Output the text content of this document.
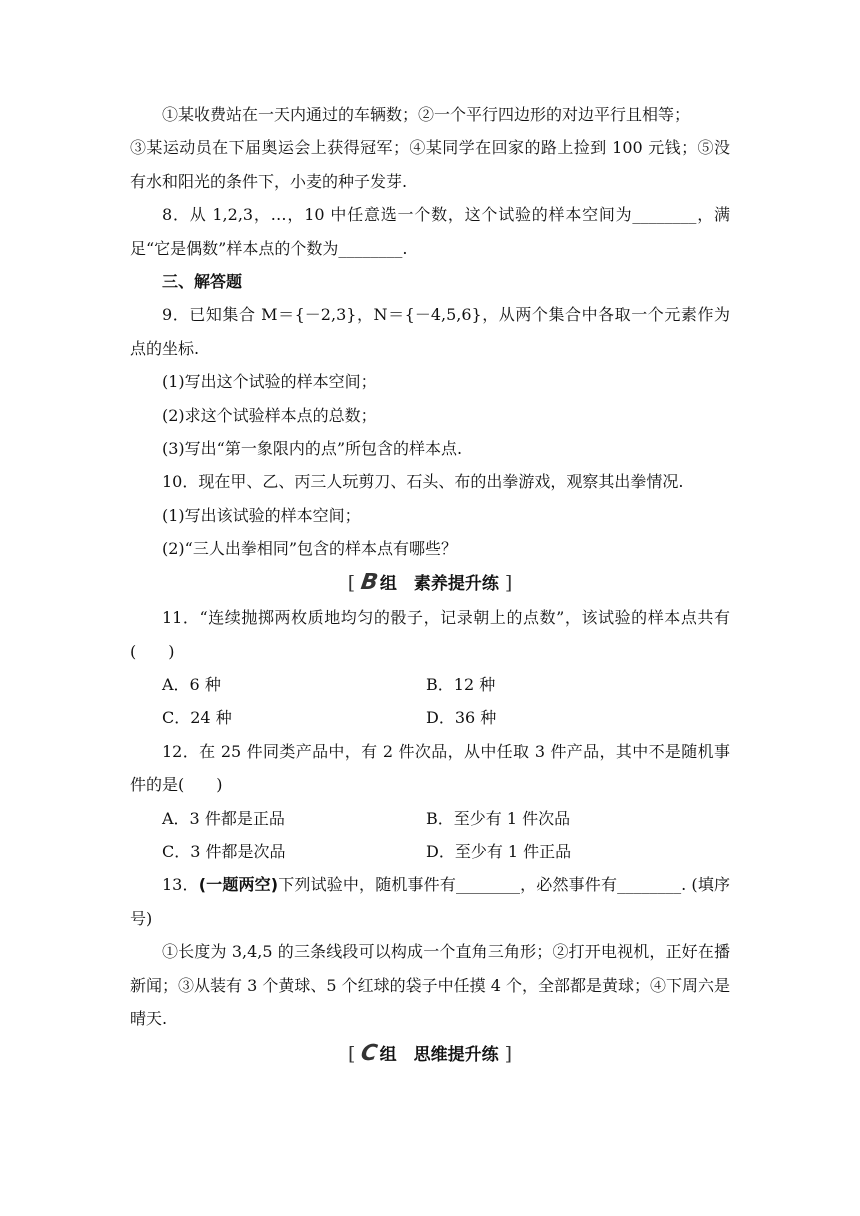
①某收费站在一天内通过的车辆数；②一个平行四边形的对边平行且相等；

③某运动员在下届奥运会上获得冠军；④某同学在回家的路上捡到 100 元钱；⑤没有水和阳光的条件下，小麦的种子发芽.

8．从 1,2,3，…，10 中任意选一个数，这个试验的样本空间为________，满足“它是偶数”样本点的个数为________.

三、解答题

9．已知集合 M＝{－2,3}，N＝{－4,5,6}，从两个集合中各取一个元素作为点的坐标.

(1)写出这个试验的样本空间；

(2)求这个试验样本点的总数；

(3)写出“第一象限内的点”所包含的样本点.

10．现在甲、乙、丙三人玩剪刀、石头、布的出拳游戏，观察其出拳情况.

(1)写出该试验的样本空间；

(2)“三人出拳相同”包含的样本点有哪些？

[ B组　素养提升练 ]

11．“连续抛掷两枚质地均匀的骰子，记录朝上的点数”，该试验的样本点共有(　　)

A．6 种	B．12 种
C．24 种	D．36 种

12．在 25 件同类产品中，有 2 件次品，从中任取 3 件产品，其中不是随机事件的是(　　)

A．3 件都是正品	B．至少有 1 件次品
C．3 件都是次品	D．至少有 1 件正品

13．(一题两空)下列试验中，随机事件有________，必然事件有________. (填序号)

①长度为 3,4,5 的三条线段可以构成一个直角三角形；②打开电视机，正好在播新闻；③从装有 3 个黄球、5 个红球的袋子中任摸 4 个，全部都是黄球；④下周六是晴天.

[ C组　思维提升练 ]
